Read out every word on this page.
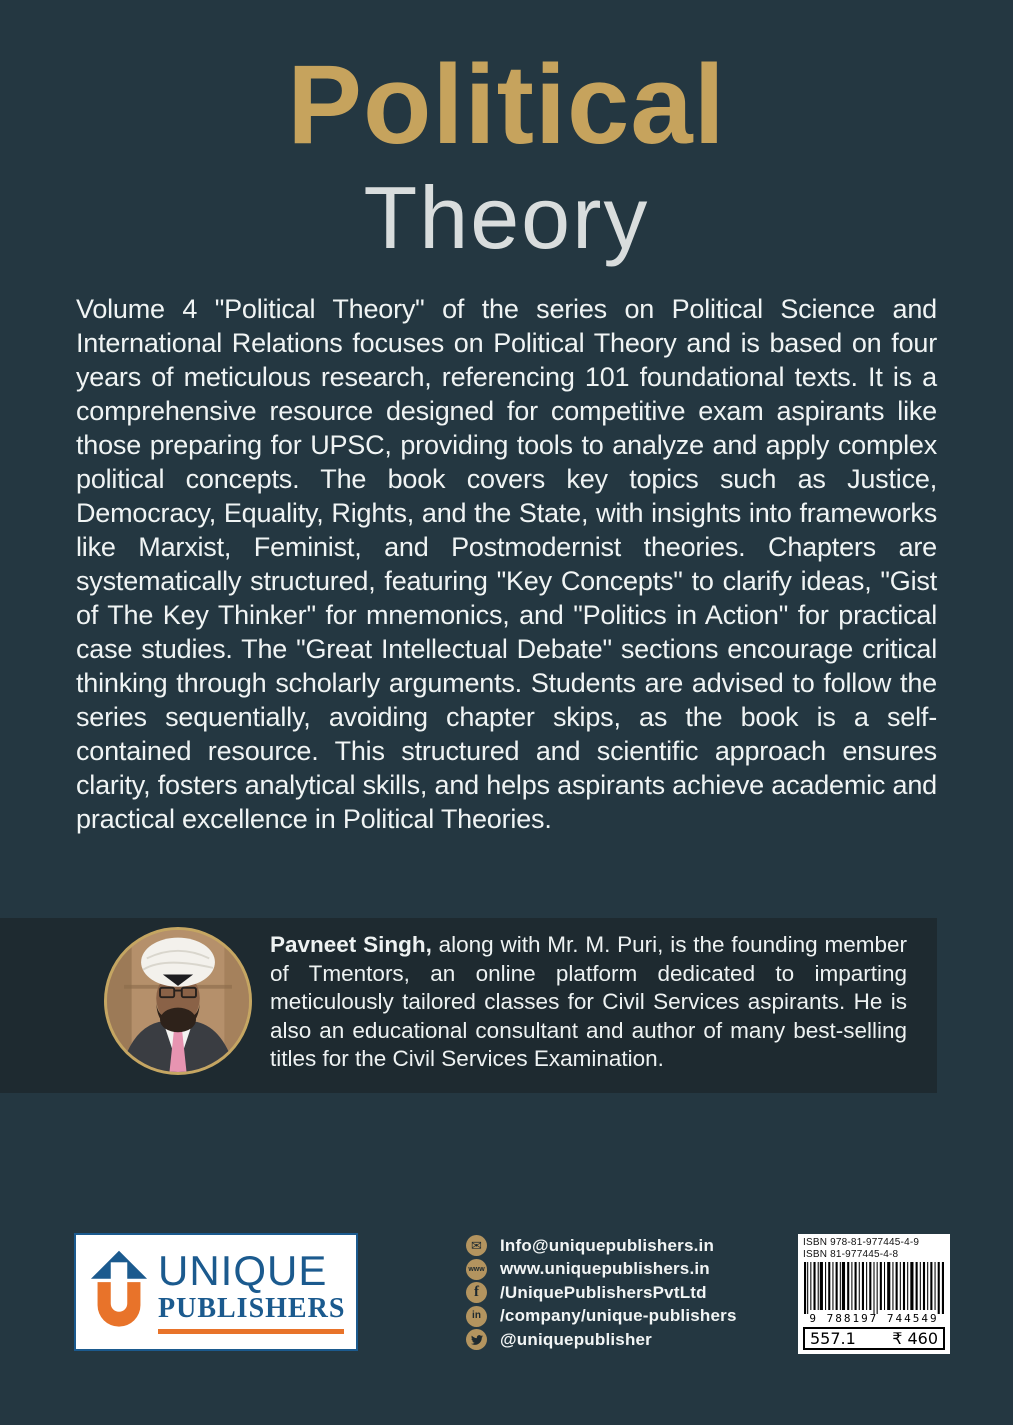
Political
Theory

Volume 4 "Political Theory" of the series on Political Science and International Relations focuses on Political Theory and is based on four years of meticulous research, referencing 101 foundational texts. It is a comprehensive resource designed for competitive exam aspirants like those preparing for UPSC, providing tools to analyze and apply complex political concepts. The book covers key topics such as Justice, Democracy, Equality, Rights, and the State, with insights into frameworks like Marxist, Feminist, and Postmodernist theories. Chapters are systematically structured, featuring "Key Concepts" to clarify ideas, "Gist of The Key Thinker" for mnemonics, and "Politics in Action" for practical case studies. The "Great Intellectual Debate" sections encourage critical thinking through scholarly arguments. Students are advised to follow the series sequentially, avoiding chapter skips, as the book is a self-contained resource. This structured and scientific approach ensures clarity, fosters analytical skills, and helps aspirants achieve academic and practical excellence in Political Theories.

Pavneet Singh, along with Mr. M. Puri, is the founding member of Tmentors, an online platform dedicated to imparting meticulously tailored classes for Civil Services aspirants. He is also an educational consultant and author of many best-selling titles for the Civil Services Examination.

UNIQUE
PUBLISHERS
✉ Info@uniquepublishers.in
www www.uniquepublishers.in
f /UniquePublishersPvtLtd
in /company/unique-publishers
@uniquepublisher
ISBN 978-81-977445-4-9
ISBN 81-977445-4-8
9 788197 744549
557.1 ₹ 460
